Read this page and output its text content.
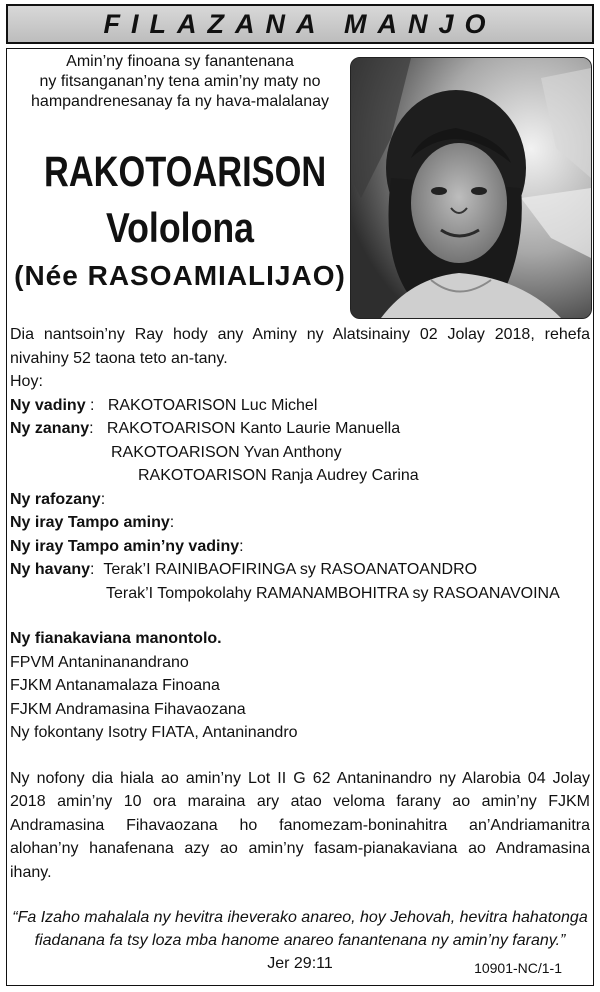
FILAZANA MANJO
Amin’ny finoana sy fanantenana
ny fitsanganan’ny tena amin’ny maty no
hampandrenesanay fa ny hava-malalanay
RAKOTOARISON
Vololona
(Née RASOAMIALIJAO)
Dia nantsoin’ny Ray hody any Aminy ny Alatsinainy 02 Jolay 2018, rehefa nivahiny 52 taona teto an-tany.
Hoy:
Ny vadiny : RAKOTOARISON Luc Michel
Ny zanany : RAKOTOARISON Kanto Laurie Manuella
RAKOTOARISON Yvan Anthony
RAKOTOARISON Ranja Audrey Carina
Ny rafozany :
Ny iray Tampo aminy :
Ny iray Tampo amin’ny vadiny :
Ny havany : Terak’I RAINIBAOFIRINGA sy RASOANATOANDRO
Terak’I Tompokolahy RAMANAMBOHITRA sy RASOANAVOINA
Ny fianakaviana manontolo.
FPVM Antaninanandrano
FJKM Antanamalaza Finoana
FJKM Andramasina Fihavaozana
Ny fokontany Isotry FIATA, Antaninandro
Ny nofony dia hiala ao amin’ny Lot II G 62 Antaninandro ny Alarobia 04 Jolay 2018 amin’ny 10 ora maraina ary atao veloma farany ao amin’ny FJKM Andramasina Fihavaozana ho fanomezam-boninahitra an’Andriamanitra alohan’ny hanafenana azy ao amin’ny fasam-pianakaviana ao Andramasina ihany.
“Fa Izaho mahalala ny hevitra iheverako anareo, hoy Jehovah, hevitra hahatonga fiadanana fa tsy loza mba hanome anareo fanantenana ny amin’ny farany.”
Jer 29:11	10901-NC/1-1
